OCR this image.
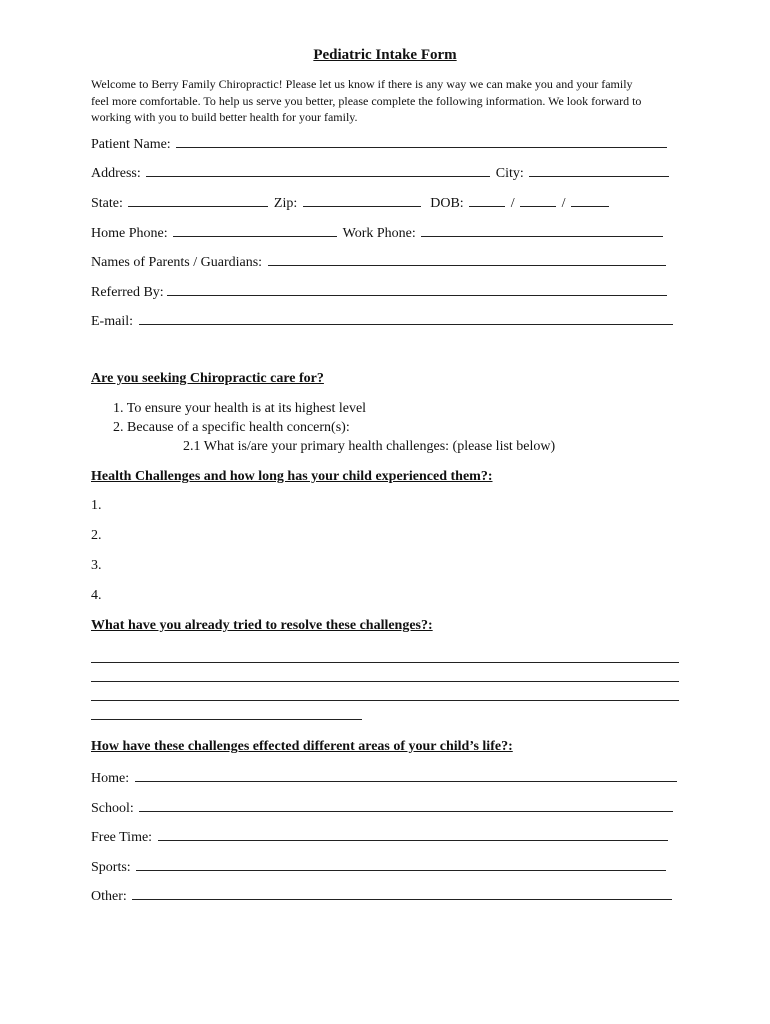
Pediatric Intake Form
Welcome to Berry Family Chiropractic! Please let us know if there is any way we can make you and your family
feel more comfortable. To help us serve you better, please complete the following information. We look forward to
working with you to build better health for your family.
Patient Name:
Address:	City:
State:	Zip:	DOB:	/	/
Home Phone:	Work Phone:
Names of Parents / Guardians:
Referred By:
E-mail:
Are you seeking Chiropractic care for?
1. To ensure your health is at its highest level
2. Because of a specific health concern(s):
2.1 What is/are your primary health challenges: (please list below)
Health Challenges and how long has your child experienced them?:
1.
2.
3.
4.
What have you already tried to resolve these challenges?:
How have these challenges effected different areas of your child’s life?:
Home:
School:
Free Time:
Sports:
Other:
